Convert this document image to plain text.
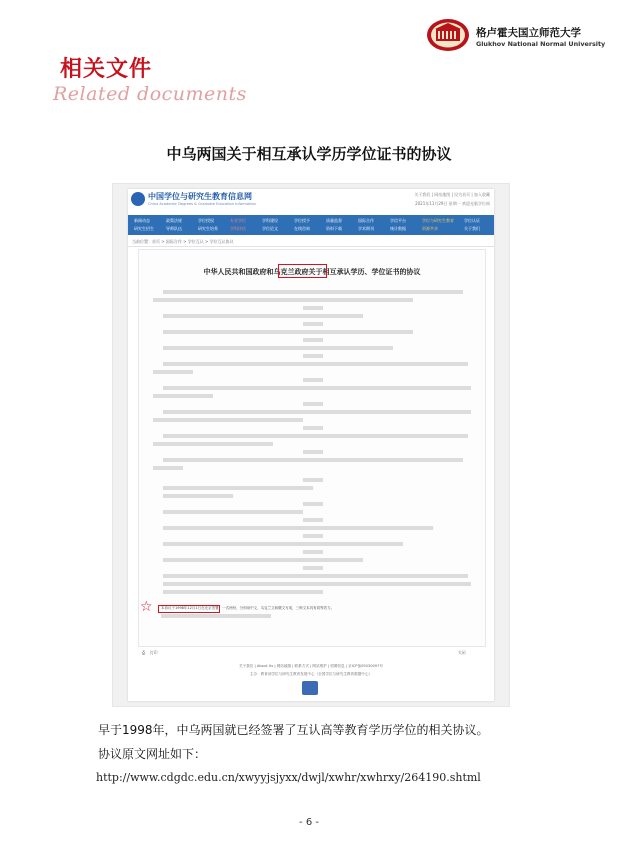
格卢霍夫国立师范大学
Glukhov National Normal University
相关文件
Related documents
中乌两国关于相互承认学历学位证书的协议
中国学位与研究生教育信息网
China Academic Degrees & Graduate Education Information
关于我们 | 网站地图 | 设为首页 | 加入收藏
2021年11月29日 星期一 欢迎光临学位网
新闻动态	政策法规	学位授权	专业学位	学科建设	学位授予	质量监督	国际合作	学信平台	学位与研究生教育	学位认证
研究生招生	导师队伍	研究生培养	学科评估	学位论文	在线咨询	资料下载	学术期刊	统计数据	资源共享	关于我们
当前位置：首页 > 国际合作 > 学位互认 > 学位互认协议
中华人民共和国政府和乌克兰政府关于相互承认学历、学位证书的协议
本协议于1998年12月1日在北京签署，一式两份，分别用中文、乌克兰文和俄文写成，三种文本具有同等效力。
☆
⎙ 打印	关闭
关于我们 | About Us | 网站地图 | 联系方式 | 网站维护 | 招聘信息 | 京ICP备05030097号
主办：教育部学位与研究生教育发展中心（全国学位与研究生教育数据中心）
早于1998年，中乌两国就已经签署了互认高等教育学历学位的相关协议。
协议原文网址如下：
http://www.cdgdc.edu.cn/xwyyjsjyxx/dwjl/xwhr/xwhrxy/264190.shtml
- 6 -
